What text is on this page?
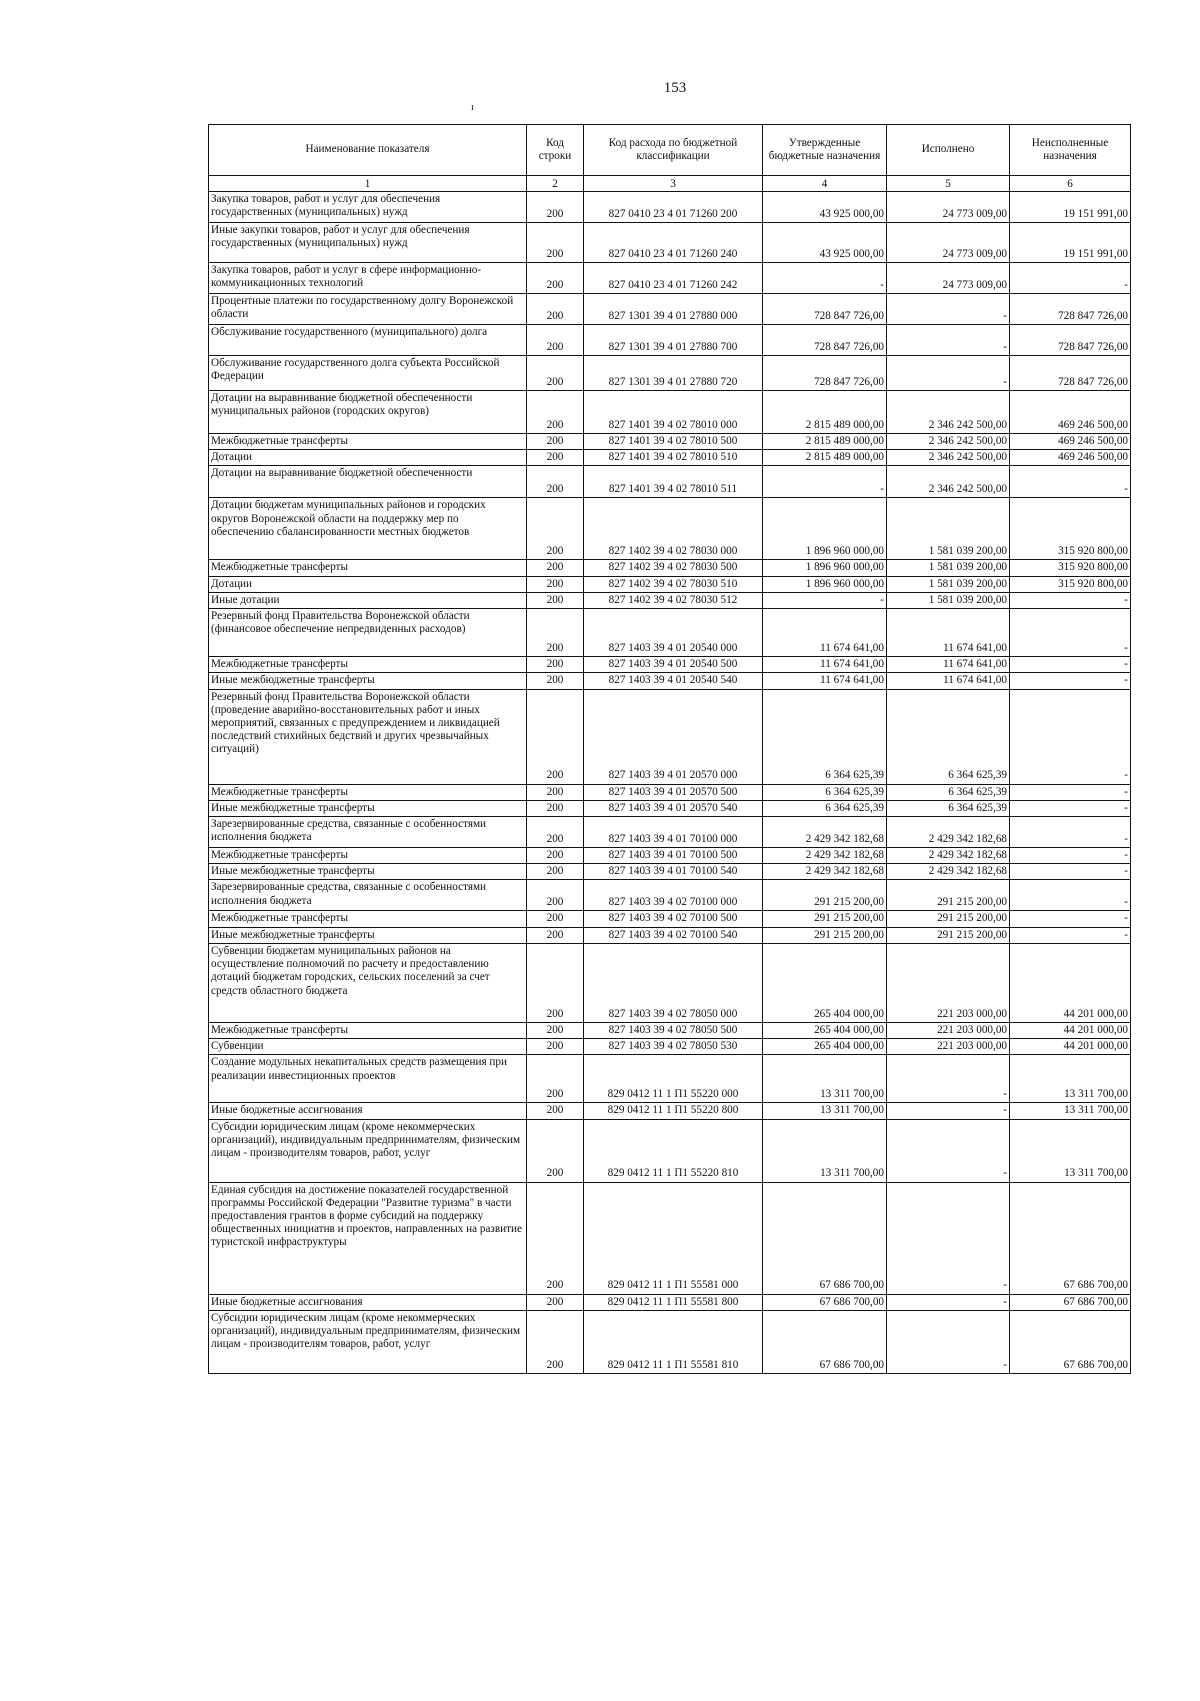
153
ı
Наименование показателя	Код строки	Код расхода по бюджетной классификации	Утвержденные бюджетные назначения	Исполнено	Неисполненные назначения
1	2	3	4	5	6
Закупка товаров, работ и услуг для обеспечения государственных (муниципальных) нужд	200	827 0410 23 4 01 71260 200	43 925 000,00	24 773 009,00	19 151 991,00
Иные закупки товаров, работ и услуг для обеспечения государственных (муниципальных) нужд	200	827 0410 23 4 01 71260 240	43 925 000,00	24 773 009,00	19 151 991,00
Закупка товаров, работ и услуг в сфере информационно-коммуникационных технологий	200	827 0410 23 4 01 71260 242	-	24 773 009,00	-
Процентные платежи по государственному долгу Воронежской области	200	827 1301 39 4 01 27880 000	728 847 726,00	-	728 847 726,00
Обслуживание государственного (муниципального) долга	200	827 1301 39 4 01 27880 700	728 847 726,00	-	728 847 726,00
Обслуживание государственного долга субъекта Российской Федерации	200	827 1301 39 4 01 27880 720	728 847 726,00	-	728 847 726,00
Дотации на выравнивание бюджетной обеспеченности муниципальных районов (городских округов)	200	827 1401 39 4 02 78010 000	2 815 489 000,00	2 346 242 500,00	469 246 500,00
Межбюджетные трансферты	200	827 1401 39 4 02 78010 500	2 815 489 000,00	2 346 242 500,00	469 246 500,00
Дотации	200	827 1401 39 4 02 78010 510	2 815 489 000,00	2 346 242 500,00	469 246 500,00
Дотации на выравнивание бюджетной обеспеченности	200	827 1401 39 4 02 78010 511	-	2 346 242 500,00	-
Дотации бюджетам муниципальных районов и городских округов Воронежской области на поддержку мер по обеспечению сбалансированности местных бюджетов	200	827 1402 39 4 02 78030 000	1 896 960 000,00	1 581 039 200,00	315 920 800,00
Межбюджетные трансферты	200	827 1402 39 4 02 78030 500	1 896 960 000,00	1 581 039 200,00	315 920 800,00
Дотации	200	827 1402 39 4 02 78030 510	1 896 960 000,00	1 581 039 200,00	315 920 800,00
Иные дотации	200	827 1402 39 4 02 78030 512	-	1 581 039 200,00	-
Резервный фонд Правительства Воронежской области (финансовое обеспечение непредвиденных расходов)	200	827 1403 39 4 01 20540 000	11 674 641,00	11 674 641,00	-
Межбюджетные трансферты	200	827 1403 39 4 01 20540 500	11 674 641,00	11 674 641,00	-
Иные межбюджетные трансферты	200	827 1403 39 4 01 20540 540	11 674 641,00	11 674 641,00	-
Резервный фонд Правительства Воронежской области (проведение аварийно-восстановительных работ и иных мероприятий, связанных с предупреждением и ликвидацией последствий стихийных бедствий и других чрезвычайных ситуаций)	200	827 1403 39 4 01 20570 000	6 364 625,39	6 364 625,39	-
Межбюджетные трансферты	200	827 1403 39 4 01 20570 500	6 364 625,39	6 364 625,39	-
Иные межбюджетные трансферты	200	827 1403 39 4 01 20570 540	6 364 625,39	6 364 625,39	-
Зарезервированные средства, связанные с особенностями исполнения бюджета	200	827 1403 39 4 01 70100 000	2 429 342 182,68	2 429 342 182,68	-
Межбюджетные трансферты	200	827 1403 39 4 01 70100 500	2 429 342 182,68	2 429 342 182,68	-
Иные межбюджетные трансферты	200	827 1403 39 4 01 70100 540	2 429 342 182,68	2 429 342 182,68	-
Зарезервированные средства, связанные с особенностями исполнения бюджета	200	827 1403 39 4 02 70100 000	291 215 200,00	291 215 200,00	-
Межбюджетные трансферты	200	827 1403 39 4 02 70100 500	291 215 200,00	291 215 200,00	-
Иные межбюджетные трансферты	200	827 1403 39 4 02 70100 540	291 215 200,00	291 215 200,00	-
Субвенции бюджетам муниципальных районов на осуществление полномочий по расчету и предоставлению дотаций бюджетам городских, сельских поселений за счет средств областного бюджета	200	827 1403 39 4 02 78050 000	265 404 000,00	221 203 000,00	44 201 000,00
Межбюджетные трансферты	200	827 1403 39 4 02 78050 500	265 404 000,00	221 203 000,00	44 201 000,00
Субвенции	200	827 1403 39 4 02 78050 530	265 404 000,00	221 203 000,00	44 201 000,00
Создание модульных некапитальных средств размещения при реализации инвестиционных проектов	200	829 0412 11 1 П1 55220 000	13 311 700,00	-	13 311 700,00
Иные бюджетные ассигнования	200	829 0412 11 1 П1 55220 800	13 311 700,00	-	13 311 700,00
Субсидии юридическим лицам (кроме некоммерческих организаций), индивидуальным предпринимателям, физическим лицам - производителям товаров, работ, услуг	200	829 0412 11 1 П1 55220 810	13 311 700,00	-	13 311 700,00
Единая субсидия на достижение показателей государственной программы Российской Федерации "Развитие туризма" в части предоставления грантов в форме субсидий на поддержку общественных инициатив и проектов, направленных на развитие туристской инфраструктуры	200	829 0412 11 1 П1 55581 000	67 686 700,00	-	67 686 700,00
Иные бюджетные ассигнования	200	829 0412 11 1 П1 55581 800	67 686 700,00	-	67 686 700,00
Субсидии юридическим лицам (кроме некоммерческих организаций), индивидуальным предпринимателям, физическим лицам - производителям товаров, работ, услуг	200	829 0412 11 1 П1 55581 810	67 686 700,00	-	67 686 700,00
